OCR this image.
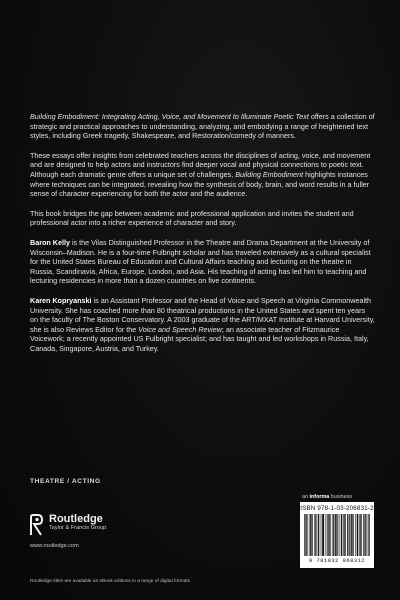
Building Embodiment: Integrating Acting, Voice, and Movement to Illuminate Poetic Text offers a collection of strategic and practical approaches to understanding, analyzing, and embodying a range of heightened text styles, including Greek tragedy, Shakespeare, and Restoration/comedy of manners.

These essays offer insights from celebrated teachers across the disciplines of acting, voice, and movement and are designed to help actors and instructors find deeper vocal and physical connections to poetic text. Although each dramatic genre offers a unique set of challenges, Building Embodiment highlights instances where techniques can be integrated, revealing how the synthesis of body, brain, and word results in a fuller sense of character experiencing for both the actor and the audience.

This book bridges the gap between academic and professional application and invites the student and professional actor into a richer experience of character and story.

Baron Kelly is the Vilas Distinguished Professor in the Theatre and Drama Department at the University of Wisconsin–Madison. He is a four-time Fulbright scholar and has traveled extensively as a cultural specialist for the United States Bureau of Education and Cultural Affairs teaching and lecturing on the theatre in Russia, Scandinavia, Africa, Europe, London, and Asia. His teaching of acting has led him to teaching and lecturing residencies in more than a dozen countries on five continents.

Karen Kopryanski is an Assistant Professor and the Head of Voice and Speech at Virginia Commonwealth University. She has coached more than 80 theatrical productions in the United States and spent ten years on the faculty of The Boston Conservatory. A 2003 graduate of the ART/MXAT Institute at Harvard University, she is also Reviews Editor for the Voice and Speech Review; an associate teacher of Fitzmaurice Voicework; a recently appointed US Fulbright specialist; and has taught and led workshops in Russia, Italy, Canada, Singapore, Austria, and Turkey.

THEATRE / ACTING
an informa business
Routledge
Taylor & Francis Group
www.routledge.com
ISBN 978-1-03-206831-2
9 781032 068312
Routledge titles are available as eBook editions in a range of digital formats
